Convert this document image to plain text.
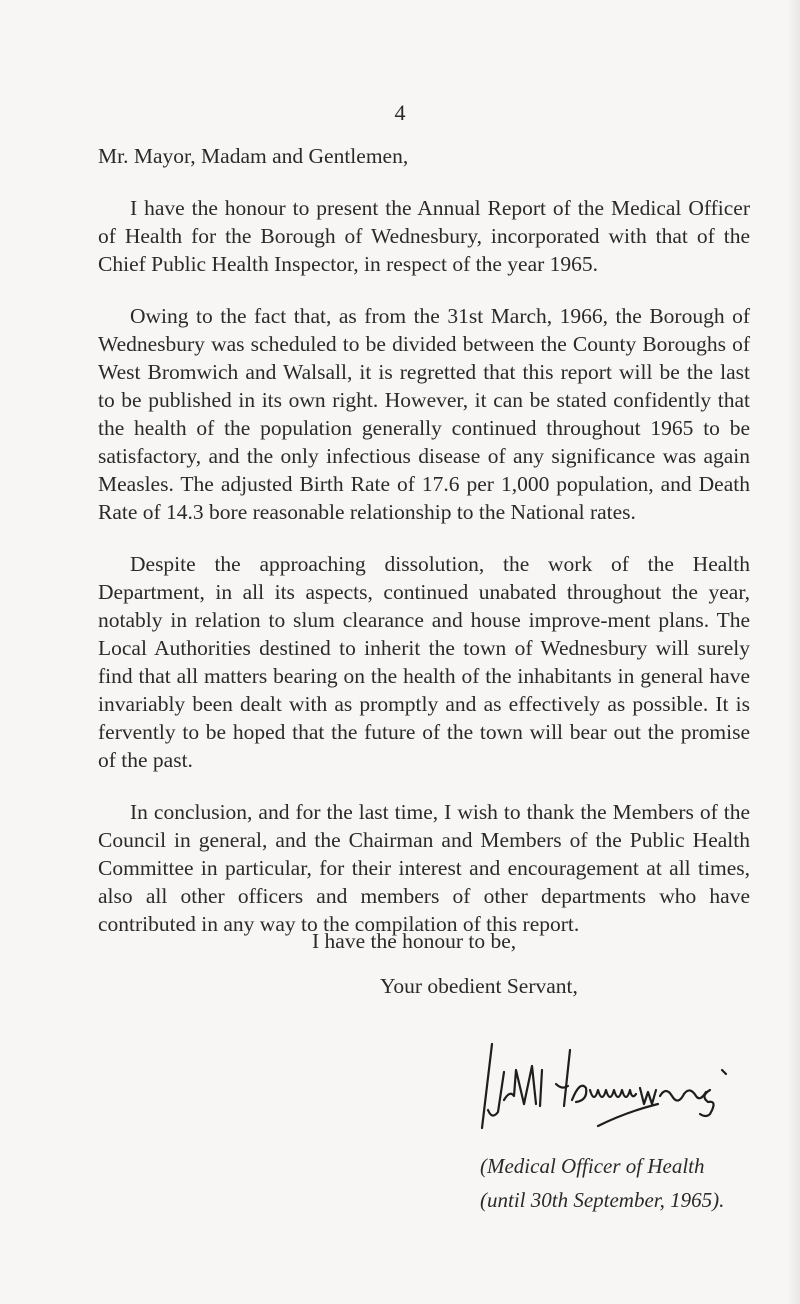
4

Mr. Mayor, Madam and Gentlemen,

I have the honour to present the Annual Report of the Medical Officer of Health for the Borough of Wednesbury, incorporated with that of the Chief Public Health Inspector, in respect of the year 1965.

Owing to the fact that, as from the 31st March, 1966, the Borough of Wednesbury was scheduled to be divided between the County Boroughs of West Bromwich and Walsall, it is regretted that this report will be the last to be published in its own right. However, it can be stated confidently that the health of the population generally continued throughout 1965 to be satisfactory, and the only infectious disease of any significance was again Measles. The adjusted Birth Rate of 17.6 per 1,000 population, and Death Rate of 14.3 bore reasonable relationship to the National rates.

Despite the approaching dissolution, the work of the Health Department, in all its aspects, continued unabated throughout the year, notably in relation to slum clearance and house improve-ment plans. The Local Authorities destined to inherit the town of Wednesbury will surely find that all matters bearing on the health of the inhabitants in general have invariably been dealt with as promptly and as effectively as possible. It is fervently to be hoped that the future of the town will bear out the promise of the past.

In conclusion, and for the last time, I wish to thank the Members of the Council in general, and the Chairman and Members of the Public Health Committee in particular, for their interest and encouragement at all times, also all other officers and members of other departments who have contributed in any way to the compilation of this report.

I have the honour to be,
Your obedient Servant,
(Medical Officer of Health
(until 30th September, 1965).
